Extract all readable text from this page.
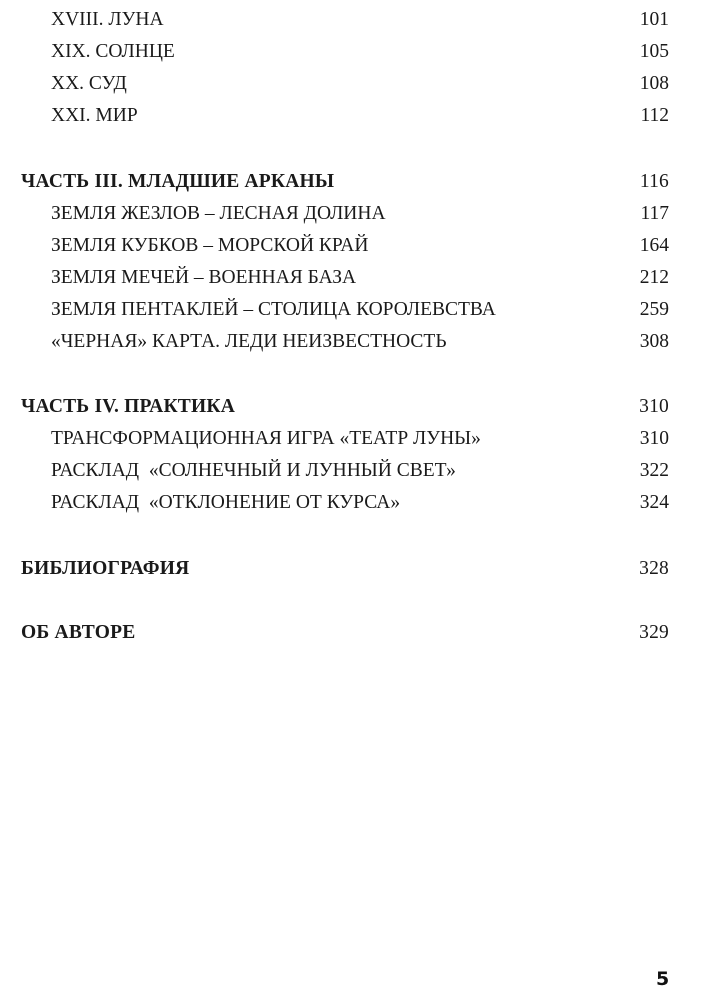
XVIII. ЛУНА	101
XIX. СОЛНЦЕ	105
XX. СУД	108
XXI. МИР	112
ЧАСТЬ III. МЛАДШИЕ АРКАНЫ	116
ЗЕМЛЯ ЖЕЗЛОВ – ЛЕСНАЯ ДОЛИНА	117
ЗЕМЛЯ КУБКОВ – МОРСКОЙ КРАЙ	164
ЗЕМЛЯ МЕЧЕЙ – ВОЕННАЯ БАЗА	212
ЗЕМЛЯ ПЕНТАКЛЕЙ – СТОЛИЦА КОРОЛЕВСТВА	259
«ЧЕРНАЯ» КАРТА. ЛЕДИ НЕИЗВЕСТНОСТЬ	308
ЧАСТЬ IV. ПРАКТИКА	310
ТРАНСФОРМАЦИОННАЯ ИГРА «ТЕАТР ЛУНЫ»	310
РАСКЛАД  «СОЛНЕЧНЫЙ И ЛУННЫЙ СВЕТ»	322
РАСКЛАД  «ОТКЛОНЕНИЕ ОТ КУРСА»	324
БИБЛИОГРАФИЯ	328
ОБ АВТОРЕ	329
5
